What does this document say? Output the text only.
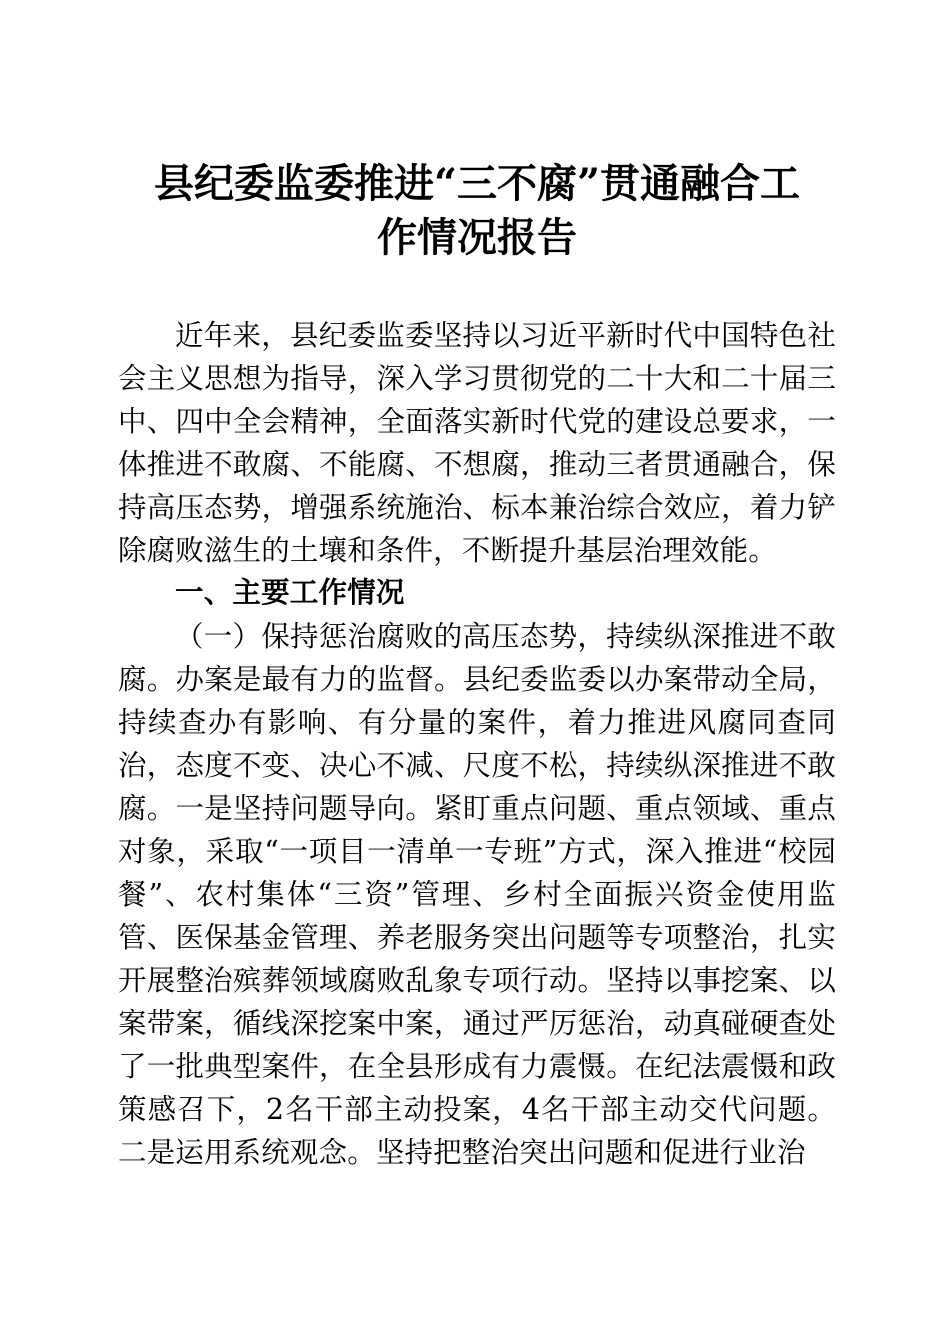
县纪委监委推进“三不腐”贯通融合工
作情况报告

近年来，县纪委监委坚持以习近平新时代中国特色社会主义思想为指导，深入学习贯彻党的二十大和二十届三中、四中全会精神，全面落实新时代党的建设总要求，一体推进不敢腐、不能腐、不想腐，推动三者贯通融合，保持高压态势，增强系统施治、标本兼治综合效应，着力铲除腐败滋生的土壤和条件，不断提升基层治理效能。

一、主要工作情况

（一）保持惩治腐败的高压态势，持续纵深推进不敢腐。办案是最有力的监督。县纪委监委以办案带动全局，持续查办有影响、有分量的案件，着力推进风腐同查同治，态度不变、决心不减、尺度不松，持续纵深推进不敢腐。一是坚持问题导向。紧盯重点问题、重点领域、重点对象，采取“一项目一清单一专班”方式，深入推进“校园餐”、农村集体“三资”管理、乡村全面振兴资金使用监管、医保基金管理、养老服务突出问题等专项整治，扎实开展整治殡葬领域腐败乱象专项行动。坚持以事挖案、以案带案，循线深挖案中案，通过严厉惩治，动真碰硬查处了一批典型案件，在全县形成有力震慑。在纪法震慑和政策感召下，2名干部主动投案，4名干部主动交代问题。二是运用系统观念。坚持把整治突出问题和促进行业治
